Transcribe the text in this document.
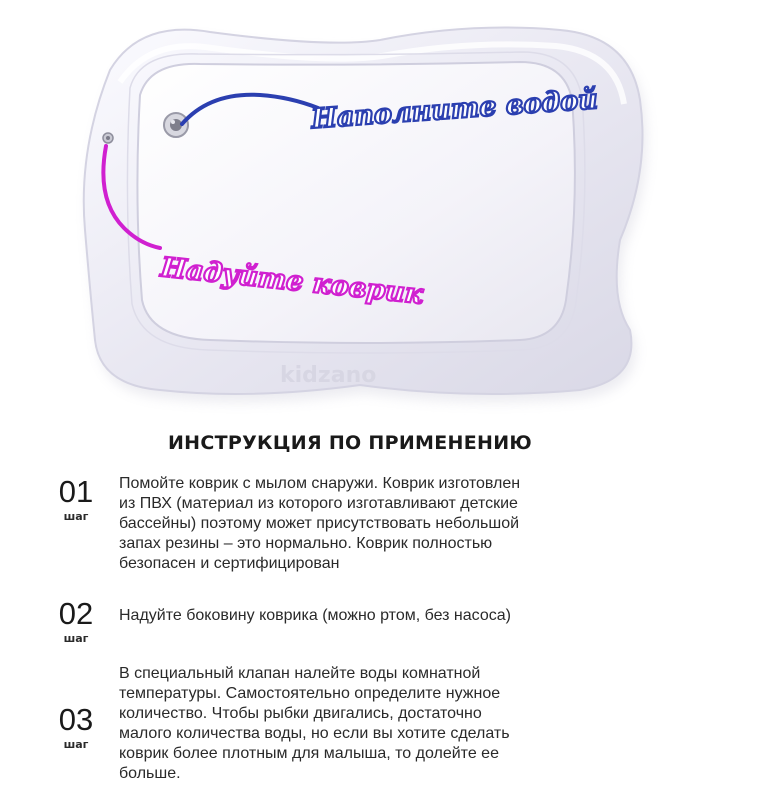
Наполните водой
Надуйте коврик
kidzano
ИНСТРУКЦИЯ ПО ПРИМЕНЕНИЮ
01
шаг
Помойте коврик с мылом снаружи. Коврик изготовлен
из ПВХ (материал из которого изготавливают детские
бассейны) поэтому может присутствовать небольшой
запах резины – это нормально. Коврик полностью
безопасен и сертифицирован
02
шаг
Надуйте боковину коврика (можно ртом, без насоса)
03
шаг
В специальный клапан налейте воды комнатной
температуры. Самостоятельно определите нужное
количество. Чтобы рыбки двигались, достаточно
малого количества воды, но если вы хотите сделать
коврик более плотным для малыша, то долейте ее
больше.
